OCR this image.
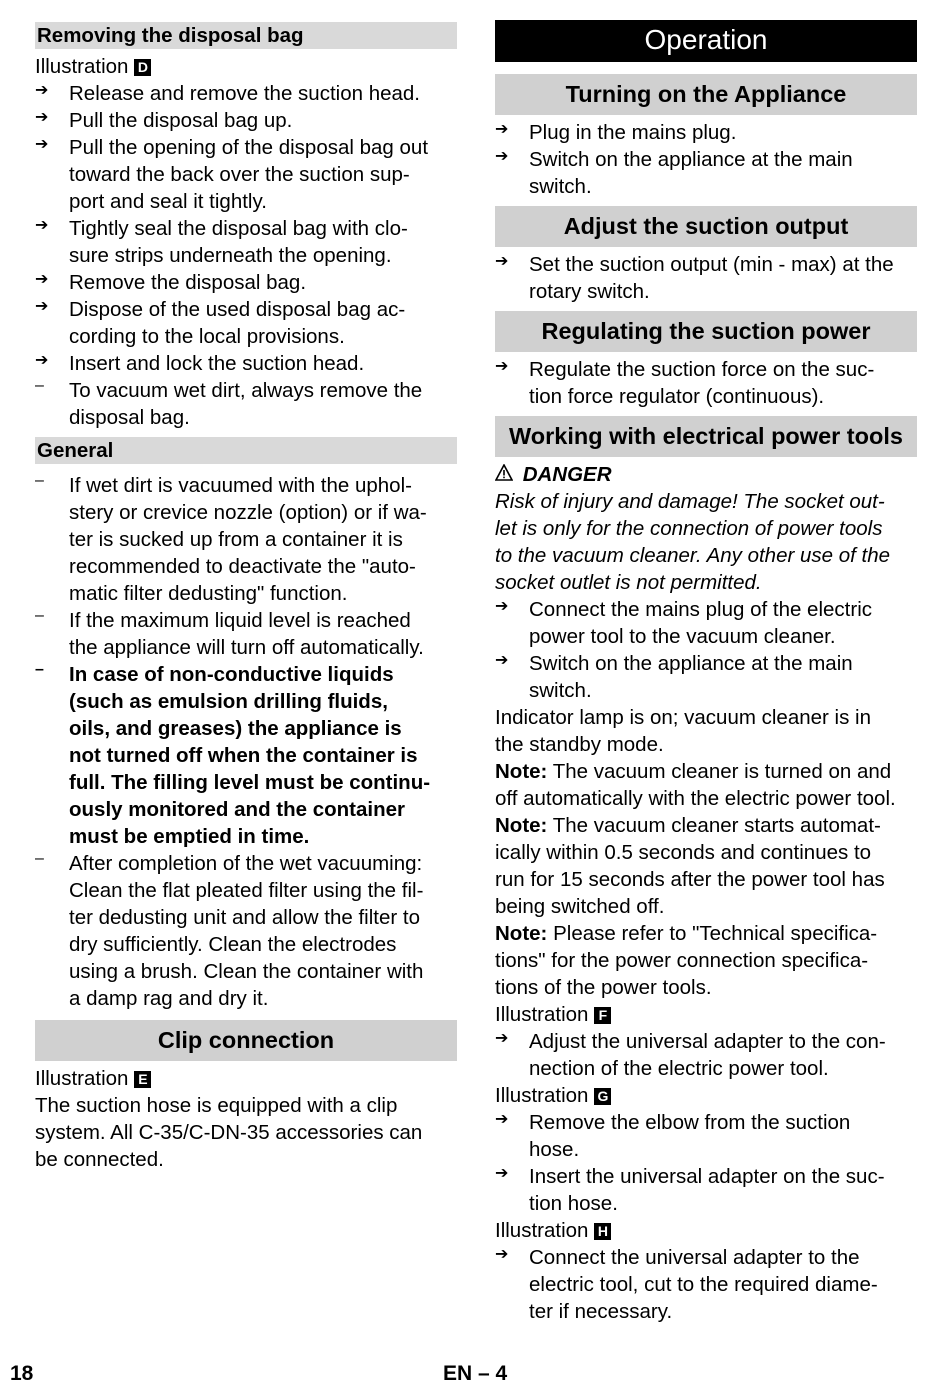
Removing the disposal bag
Illustration D
➔	Release and remove the suction head.
➔	Pull the disposal bag up.
➔	Pull the opening of the disposal bag out
toward the back over the suction sup-
port and seal it tightly.
➔	Tightly seal the disposal bag with clo-
sure strips underneath the opening.
➔	Remove the disposal bag.
➔	Dispose of the used disposal bag ac-
cording to the local provisions.
➔	Insert and lock the suction head.
–	To vacuum wet dirt, always remove the
disposal bag.
General
–	If wet dirt is vacuumed with the uphol-
stery or crevice nozzle (option) or if wa-
ter is sucked up from a container it is
recommended to deactivate the "auto-
matic filter dedusting" function.
–	If the maximum liquid level is reached
the appliance will turn off automatically.
–	In case of non-conductive liquids
(such as emulsion drilling fluids,
oils, and greases) the appliance is
not turned off when the container is
full. The filling level must be continu-
ously monitored and the container
must be emptied in time.
–	After completion of the wet vacuuming:
Clean the flat pleated filter using the fil-
ter dedusting unit and allow the filter to
dry sufficiently. Clean the electrodes
using a brush. Clean the container with
a damp rag and dry it.
Clip connection
Illustration E
The suction hose is equipped with a clip
system. All C-35/C-DN-35 accessories can
be connected.
Operation
Turning on the Appliance
➔	Plug in the mains plug.
➔	Switch on the appliance at the main
switch.
Adjust the suction output
➔	Set the suction output (min - max) at the
rotary switch.
Regulating the suction power
➔	Regulate the suction force on the suc-
tion force regulator (continuous).
Working with electrical power tools
DANGER
Risk of injury and damage! The socket out-
let is only for the connection of power tools
to the vacuum cleaner. Any other use of the
socket outlet is not permitted.
➔	Connect the mains plug of the electric
power tool to the vacuum cleaner.
➔	Switch on the appliance at the main
switch.
Indicator lamp is on; vacuum cleaner is in
the standby mode.
Note: The vacuum cleaner is turned on and
off automatically with the electric power tool.
Note: The vacuum cleaner starts automat-
ically within 0.5 seconds and continues to
run for 15 seconds after the power tool has
being switched off.
Note: Please refer to "Technical specifica-
tions" for the power connection specifica-
tions of the power tools.
Illustration F
➔	Adjust the universal adapter to the con-
nection of the electric power tool.
Illustration G
➔	Remove the elbow from the suction
hose.
➔	Insert the universal adapter on the suc-
tion hose.
Illustration H
➔	Connect the universal adapter to the
electric tool, cut to the required diame-
ter if necessary.
18	EN – 4
